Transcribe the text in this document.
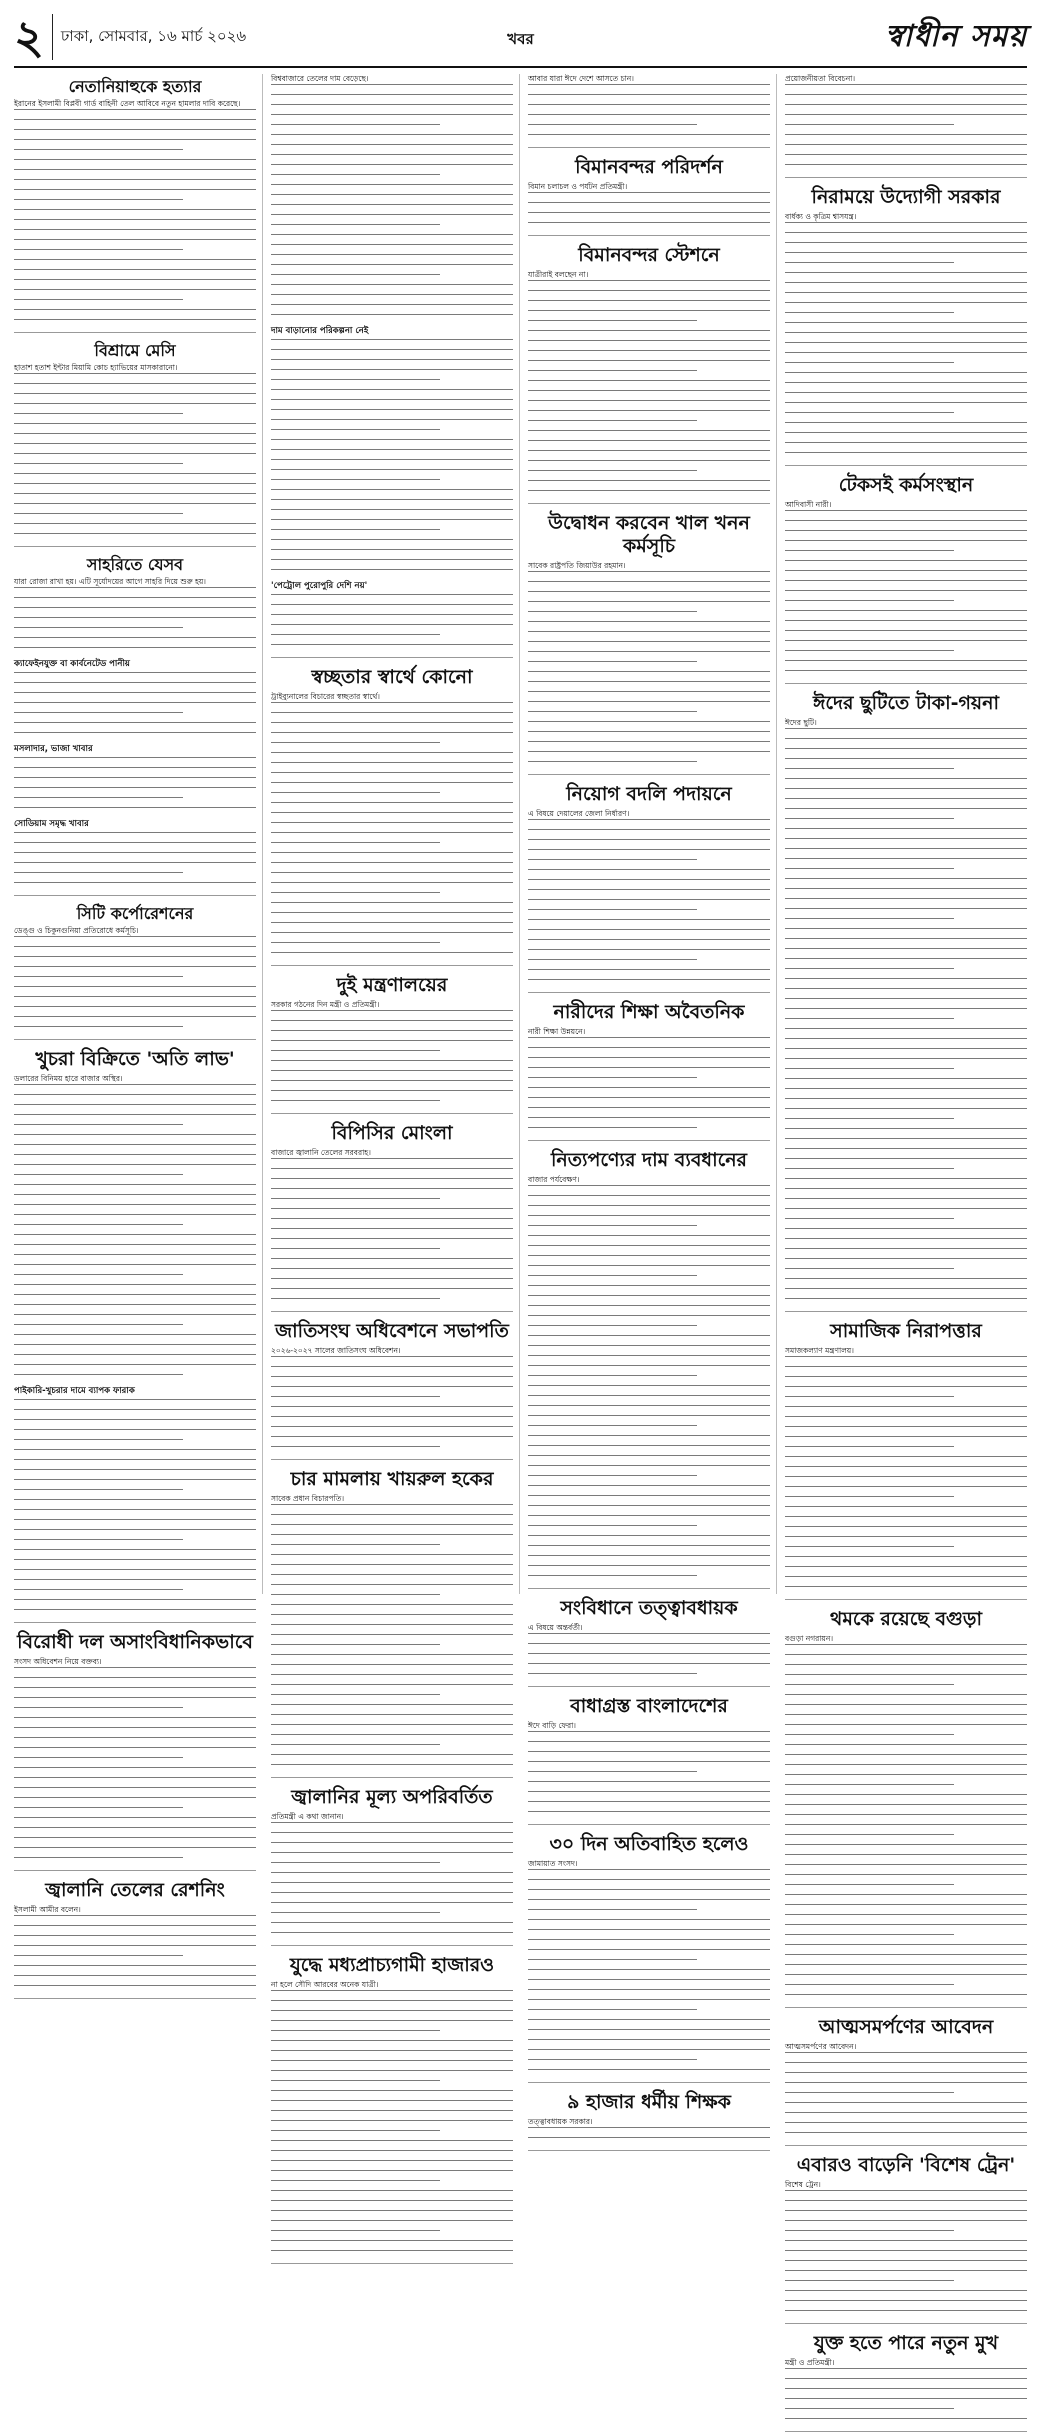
২	ঢাকা, সোমবার, ১৬ মার্চ ২০২৬	খবর	স্বাধীন সময়
নেতানিয়াহুকে হত্যার

ইরানের ইসলামী বিপ্লবী গার্ড বাহিনী তেল আবিবে নতুন হামলার দাবি করেছে।

বিশ্রামে মেসি

হাতাশ হতাশ ইন্টার মিয়ামি কোচ হ্যাভিয়ের মাসকারানো।

সাহরিতে যেসব

যারা রোজা রাখা হয়। এটি সূর্যোদয়ের আগে সাহরি দিয়ে শুরু হয়।

ক্যাফেইনযুক্ত বা কার্বনেটেড পানীয়
মসলাদার, ভাজা খাবার
সোডিয়াম সমৃদ্ধ খাবার
সিটি কর্পোরেশনের

ডেঙ্গু ও চিকুনগুনিয়া প্রতিরোধে কর্মসূচি।

খুচরা বিক্রিতে 'অতি লাভ'

ডলারের বিনিময় হারে বাজার অস্থির।

পাইকারি-খুচরার দামে ব্যাপক ফারাক
বিরোধী দল অসাংবিধানিকভাবে

সংসদ অধিবেশন নিয়ে বক্তব্য।

জ্বালানি তেলের রেশনিং

ইসলামী আমীর বলেন।

বিশ্ববাজারে তেলের দাম বেড়েছে।

দাম বাড়ানোর পরিকল্পনা নেই
'পেট্রোল পুরোপুরি দেশি নয়'
স্বচ্ছতার স্বার্থে কোনো

ট্রাইব্যুনালের বিচারের স্বচ্ছতার স্বার্থে।

দুই মন্ত্রণালয়ের

সরকার গঠনের দিন মন্ত্রী ও প্রতিমন্ত্রী।

বিপিসির মোংলা

বাজারে জ্বালানি তেলের সরবরাহ।

জাতিসংঘ অধিবেশনে সভাপতি

২০২৬-২০২৭ সালের জাতিসংঘ অধিবেশন।

চার মামলায় খায়রুল হকের

সাবেক প্রধান বিচারপতি।

জ্বালানির মূল্য অপরিবর্তিত

প্রতিমন্ত্রী এ কথা জানান।

যুদ্ধে মধ্যপ্রাচ্যগামী হাজারও

না হলে সৌদি আরবের অনেক যাত্রী।

আবার যারা ঈদে দেশে আসতে চান।

বিমানবন্দর পরিদর্শন

বিমান চলাচল ও পর্যটন প্রতিমন্ত্রী।

বিমানবন্দর স্টেশনে

যাত্রীরাই বলছেন না।

উদ্বোধন করবেন খাল খনন কর্মসূচি

সাবেক রাষ্ট্রপতি জিয়াউর রহমান।

নিয়োগ বদলি পদায়নে

এ বিষয়ে দেয়ালের জেলা নির্ধারণ।

নারীদের শিক্ষা অবৈতনিক

নারী শিক্ষা উন্নয়নে।

নিত্যপণ্যের দাম ব্যবধানের

বাজার পর্যবেক্ষণ।

সংবিধানে তত্ত্বাবধায়ক

এ বিষয়ে অন্তর্বর্তী।

বাধাগ্রস্ত বাংলাদেশের

ঈদে বাড়ি ফেরা।

৩০ দিন অতিবাহিত হলেও

জামায়াত সংসদ।

৯ হাজার ধর্মীয় শিক্ষক

তত্ত্বাবধায়ক সরকার।

প্রয়োজনীয়তা বিবেচনা।

নিরাময়ে উদ্যোগী সরকার

বার্ধক্য ও কৃত্রিম শ্বাসযন্ত্র।

টেকসই কর্মসংস্থান

আদিবাসী নারী।

ঈদের ছুটিতে টাকা-গয়না

ঈদের ছুটি।

সামাজিক নিরাপত্তার

সমাজকল্যাণ মন্ত্রণালয়।

থমকে রয়েছে বগুড়া

বগুড়া নগরায়ন।

আত্মসমর্পণের আবেদন

আত্মসমর্পণের আবেদন।

এবারও বাড়েনি 'বিশেষ ট্রেন'

বিশেষ ট্রেন।

যুক্ত হতে পারে নতুন মুখ

মন্ত্রী ও প্রতিমন্ত্রী।
